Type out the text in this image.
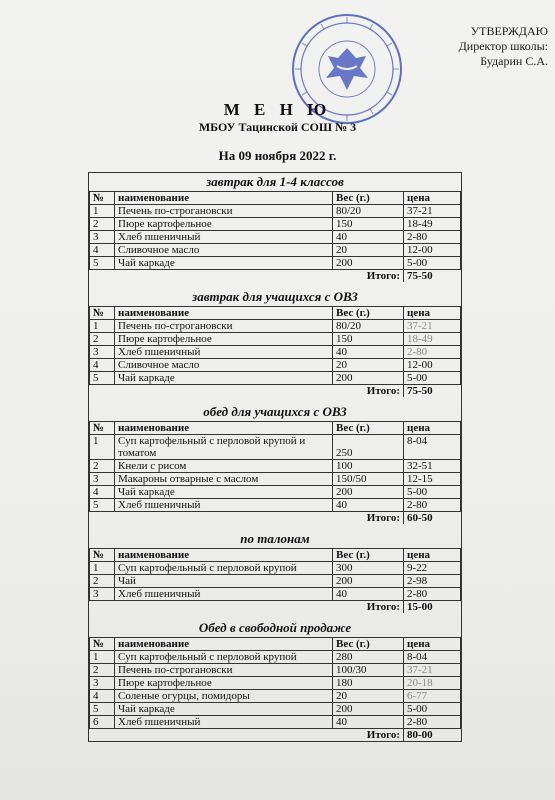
УТВЕРЖДАЮ
Директор школы:
Бударин С.А.
М Е Н Ю
МБОУ Тацинской СОШ № 3
На 09 ноября 2022 г.
завтрак для 1-4 классов
№	наименование	Вес (г.)	цена
1	Печень по-строгановски	80/20	37-21
2	Пюре картофельное	150	18-49
3	Хлеб пшеничный	40	2-80
4	Сливочное масло	20	12-00
5	Чай каркаде	200	5-00
Итого:			75-50
завтрак для учащихся с ОВЗ
№	наименование	Вес (г.)	цена
1	Печень по-строгановски	80/20	37-21
2	Пюре картофельное	150	18-49
3	Хлеб пшеничный	40	2-80
4	Сливочное масло	20	12-00
5	Чай каркаде	200	5-00
Итого:			75-50
обед для учащихся с ОВЗ
№	наименование	Вес (г.)	цена
1	Суп картофельный с перловой крупой и томатом	250	8-04
2	Кнели с рисом	100	32-51
3	Макароны отварные с маслом	150/50	12-15
4	Чай каркаде	200	5-00
5	Хлеб пшеничный	40	2-80
Итого:			60-50
по талонам
№	наименование	Вес (г.)	цена
1	Суп картофельный с перловой крупой	300	9-22
2	Чай	200	2-98
3	Хлеб пшеничный	40	2-80
Итого:			15-00
Обед в свободной продаже
№	наименование	Вес (г.)	цена
1	Суп картофельный с перловой крупой	280	8-04
2	Печень по-строгановски	100/30	37-21
3	Пюре картофельное	180	20-18
4	Соленые огурцы, помидоры	20	6-77
5	Чай каркаде	200	5-00
6	Хлеб пшеничный	40	2-80
Итого:			80-00
